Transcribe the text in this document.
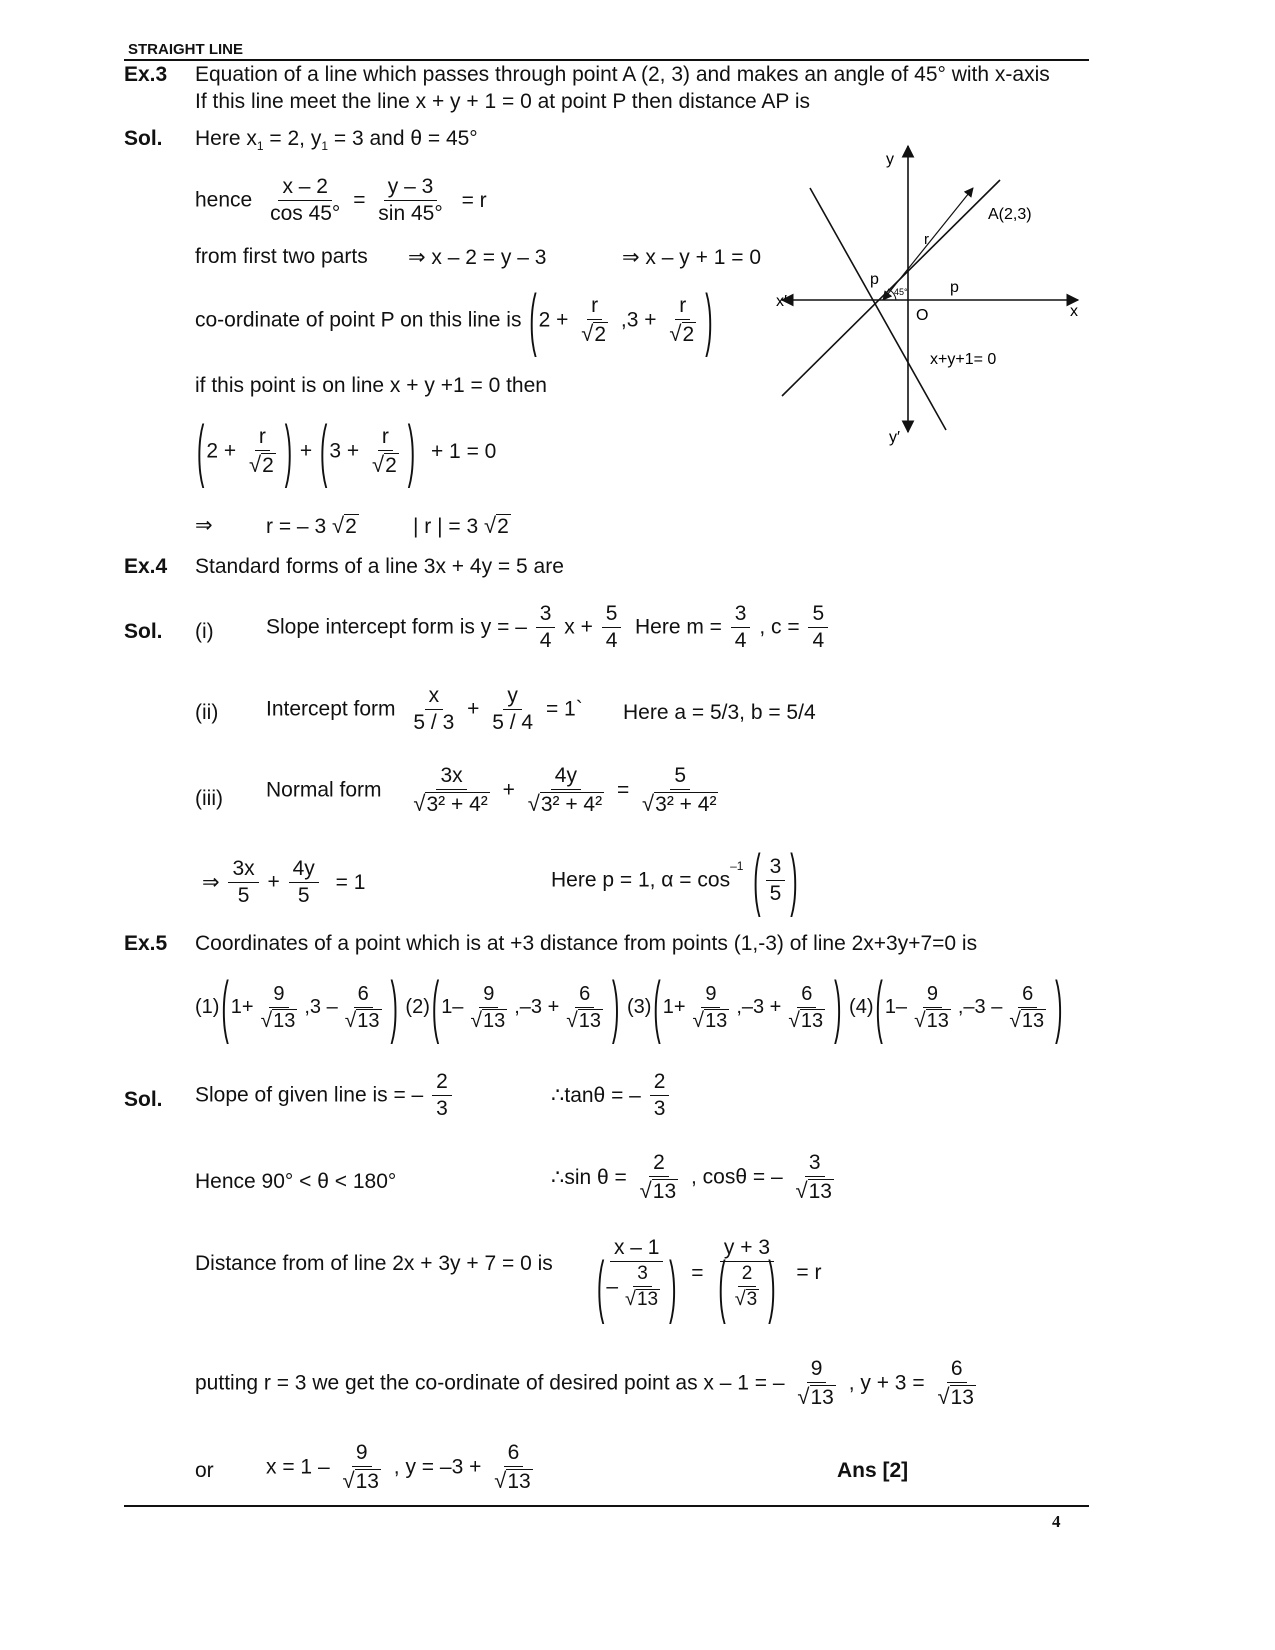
STRAIGHT LINE
Ex.3 Equation of a line which passes through point A (2, 3) and makes an angle of 45° with x-axis
If this line meet the line x + y + 1 = 0 at point P then distance AP is
Sol. Here $x_1 = 2$, $y_1 = 3$ and θ = 45°
hence $\frac{x - 2}{\cos 45^\circ} = \frac{y - 3}{\sin 45^\circ} = r$
from first two parts ⇒ x – 2 = y – 3	⇒ x – y + 1 = 0
co-ordinate of point P on this line is ($2 + \frac{r}{√2} ,3 + \frac{r}{√2}$ )
if this point is on line x + y +1 = 0 then
($2 + \frac{r}{√2}$ ) + ($3 + \frac{r}{√2}$ ) + 1 = 0
⇒	r = – 3 √2	| r | = 3 √2
y
y′
x
x′
O
A(2,3)
p	p
r
45°
x+y+1= 0
Ex.4 Standard forms of a line 3x + 4y = 5 are
Sol. (i) Slope intercept form is y = – $\frac{3}{4}$ $x + \frac{5}{4}$ Here $m = \frac{3}{4}$ , $c = \frac{5}{4}$
(ii) Intercept form $\frac{x}{5 / 3} + \frac{y}{5 / 4}$ = 1` Here a = 5/3, b = 5/4
(iii) Normal form $\frac{3x}{\text{√3² + 4²}} + \frac{4y}{\text{√3² + 4²}} = \frac{5}{\text{√3² + 4²}}$
⇒ $\frac{3x}{5} + \frac{4y}{5} = 1$	Here p = 1, $\alpha = \cos^{-1}$ ( $\frac{3}{5}$ )
Ex.5 Coordinates of a point which is at +3 distance from points (1,-3) of line 2x+3y+7=0 is
(1)( $1+ \frac{9}{√13} ,3 - \frac{6}{√13}$ ) (2)( $1- \frac{9}{√13} ,-3 + \frac{6}{√13}$ ) (3)( $1+ \frac{9}{√13} ,-3 + \frac{6}{√13}$ ) (4)( $1- \frac{9}{√13} ,-3 - \frac{6}{√13}$ )
Sol. Slope of given line is = – $\frac{2}{3}$	∴tanθ = – $\frac{2}{3}$
Hence 90° < θ < 180°	∴sin $\theta = \frac{2}{√13}$ , cosθ = – $\frac{3}{√13}$
Distance from of line 2x + 3y + 7 = 0 is $\frac{x - 1}{(- \frac{3}{√13} )} = \frac{y + 3}{( \frac{2}{√3} )} = r$
putting r = 3 we get the co-ordinate of desired point as x – 1 = – $\frac{9}{√13}$ , $y + 3 = \frac{6}{√13}$
or $x = 1 - \frac{9}{√13}$ , $y = -3 + \frac{6}{√13}$	Ans [2]
4
